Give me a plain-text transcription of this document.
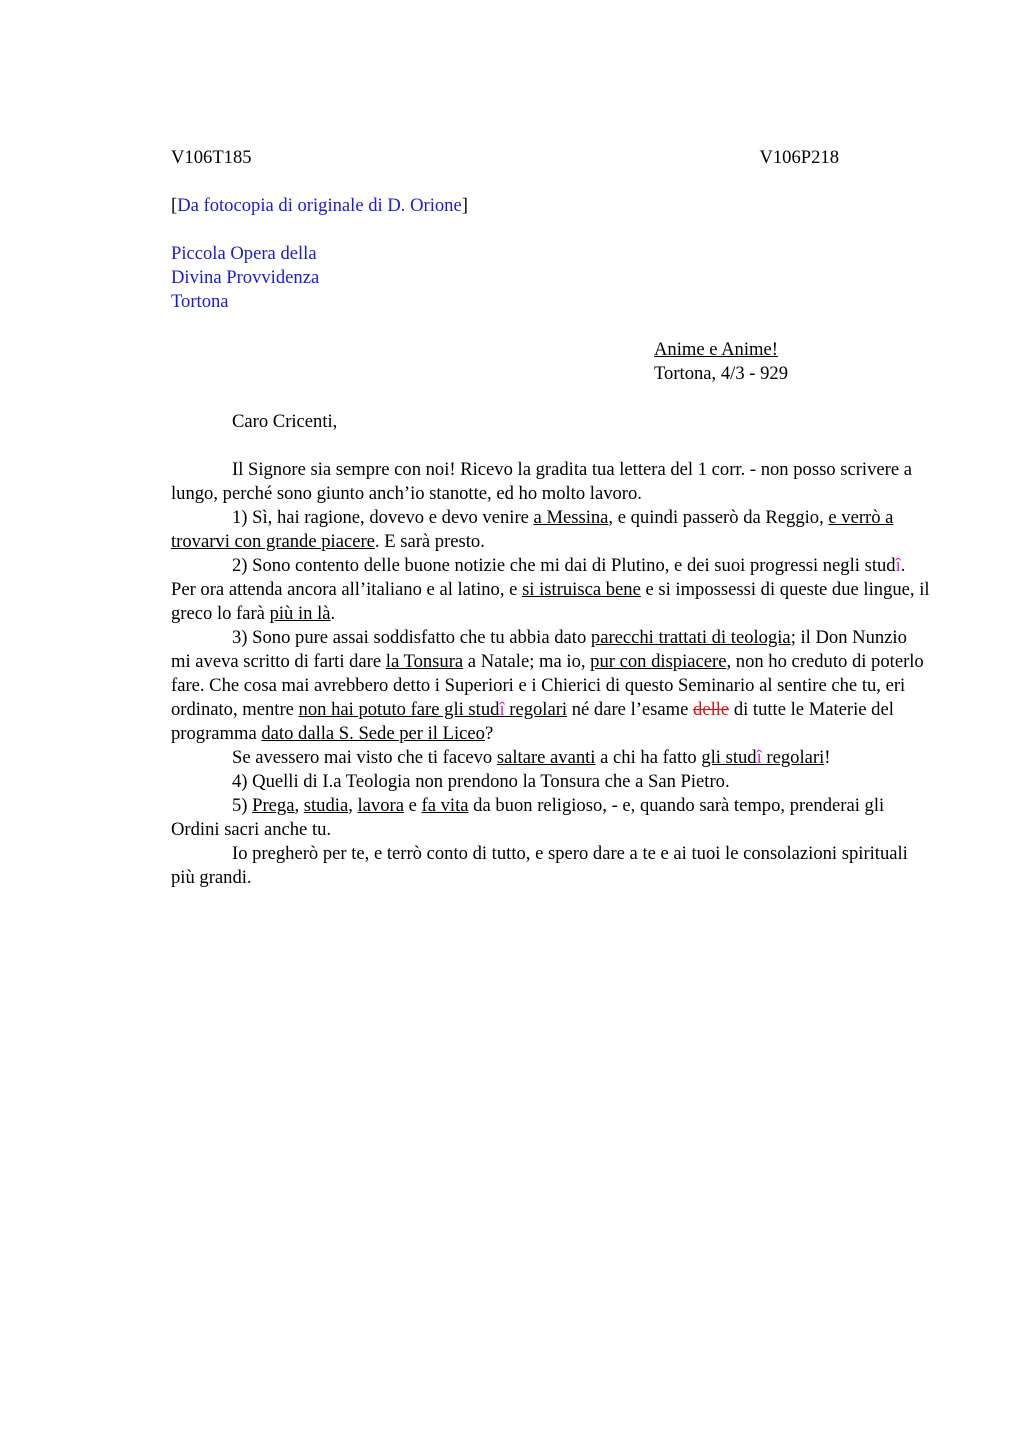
V106T185	V106P218

[Da fotocopia di originale di D. Orione]

Piccola Opera della
Divina Provvidenza
Tortona
Anime e Anime!
Tortona, 4/3 - 929

Caro Cricenti,

Il Signore sia sempre con noi! Ricevo la gradita tua lettera del 1 corr. - non posso scrivere a lungo, perché sono giunto anch’io stanotte, ed ho molto lavoro.

1) Sì, hai ragione, dovevo e devo venire a Messina, e quindi passerò da Reggio, e verrò a trovarvi con grande piacere. E sarà presto.

2) Sono contento delle buone notizie che mi dai di Plutino, e dei suoi progressi negli studî. Per ora attenda ancora all’italiano e al latino, e si istruisca bene e si impossessi di queste due lingue, il greco lo farà più in là.

3) Sono pure assai soddisfatto che tu abbia dato parecchi trattati di teologia; il Don Nunzio mi aveva scritto di farti dare la Tonsura a Natale; ma io, pur con dispiacere, non ho creduto di poterlo fare. Che cosa mai avrebbero detto i Superiori e i Chierici di questo Seminario al sentire che tu, eri ordinato, mentre non hai potuto fare gli studî regolari né dare l’esame delle di tutte le Materie del programma dato dalla S. Sede per il Liceo?

Se avessero mai visto che ti facevo saltare avanti a chi ha fatto gli studî regolari!

4) Quelli di I.a Teologia non prendono la Tonsura che a San Pietro.

5) Prega, studia, lavora e fa vita da buon religioso, - e, quando sarà tempo, prenderai gli Ordini sacri anche tu.

Io pregherò per te, e terrò conto di tutto, e spero dare a te e ai tuoi le consolazioni spirituali più grandi.
